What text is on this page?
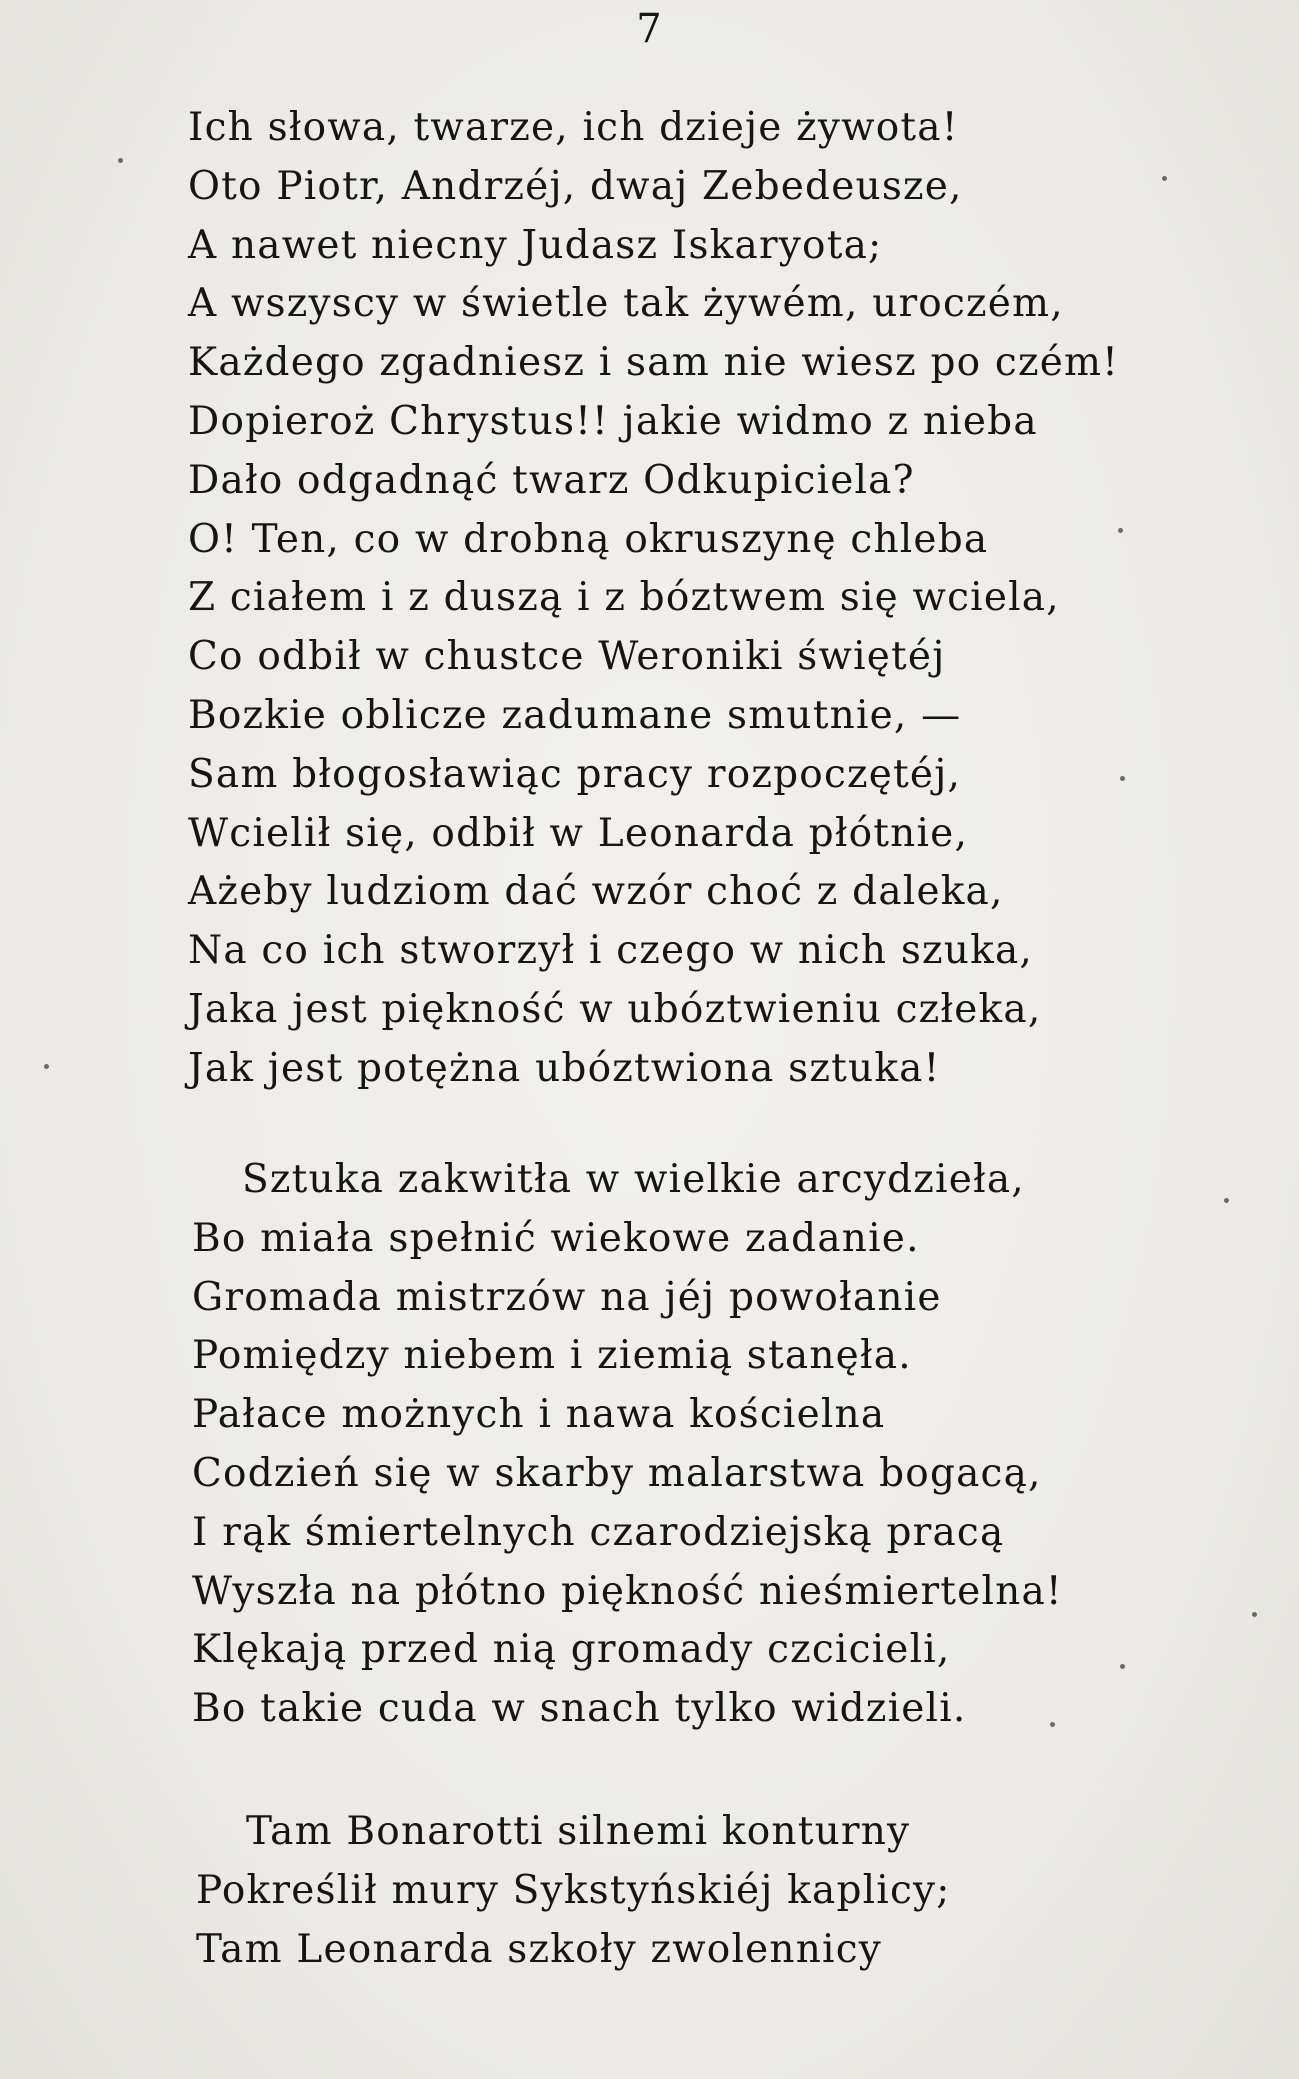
7
Ich słowa, twarze, ich dzieje żywota!
Oto Piotr, Andrzéj, dwaj Zebedeusze,
A nawet niecny Judasz Iskaryota;
A wszyscy w świetle tak żywém, uroczém,
Każdego zgadniesz i sam nie wiesz po czém!
Dopieroż Chrystus!! jakie widmo z nieba
Dało odgadnąć twarz Odkupiciela?
O! Ten, co w drobną okruszynę chleba
Z ciałem i z duszą i z bóztwem się wciela,
Co odbił w chustce Weroniki świętéj
Bozkie oblicze zadumane smutnie, —
Sam błogosławiąc pracy rozpoczętéj,
Wcielił się, odbił w Leonarda płótnie,
Ażeby ludziom dać wzór choć z daleka,
Na co ich stworzył i czego w nich szuka,
Jaka jest piękność w ubóztwieniu człeka,
Jak jest potężna ubóztwiona sztuka!
Sztuka zakwitła w wielkie arcydzieła,
Bo miała spełnić wiekowe zadanie.
Gromada mistrzów na jéj powołanie
Pomiędzy niebem i ziemią stanęła.
Pałace możnych i nawa kościelna
Codzień się w skarby malarstwa bogacą,
I rąk śmiertelnych czarodziejską pracą
Wyszła na płótno piękność nieśmiertelna!
Klękają przed nią gromady czcicieli,
Bo takie cuda w snach tylko widzieli.
Tam Bonarotti silnemi konturny
Pokreślił mury Sykstyńskiéj kaplicy;
Tam Leonarda szkoły zwolennicy
